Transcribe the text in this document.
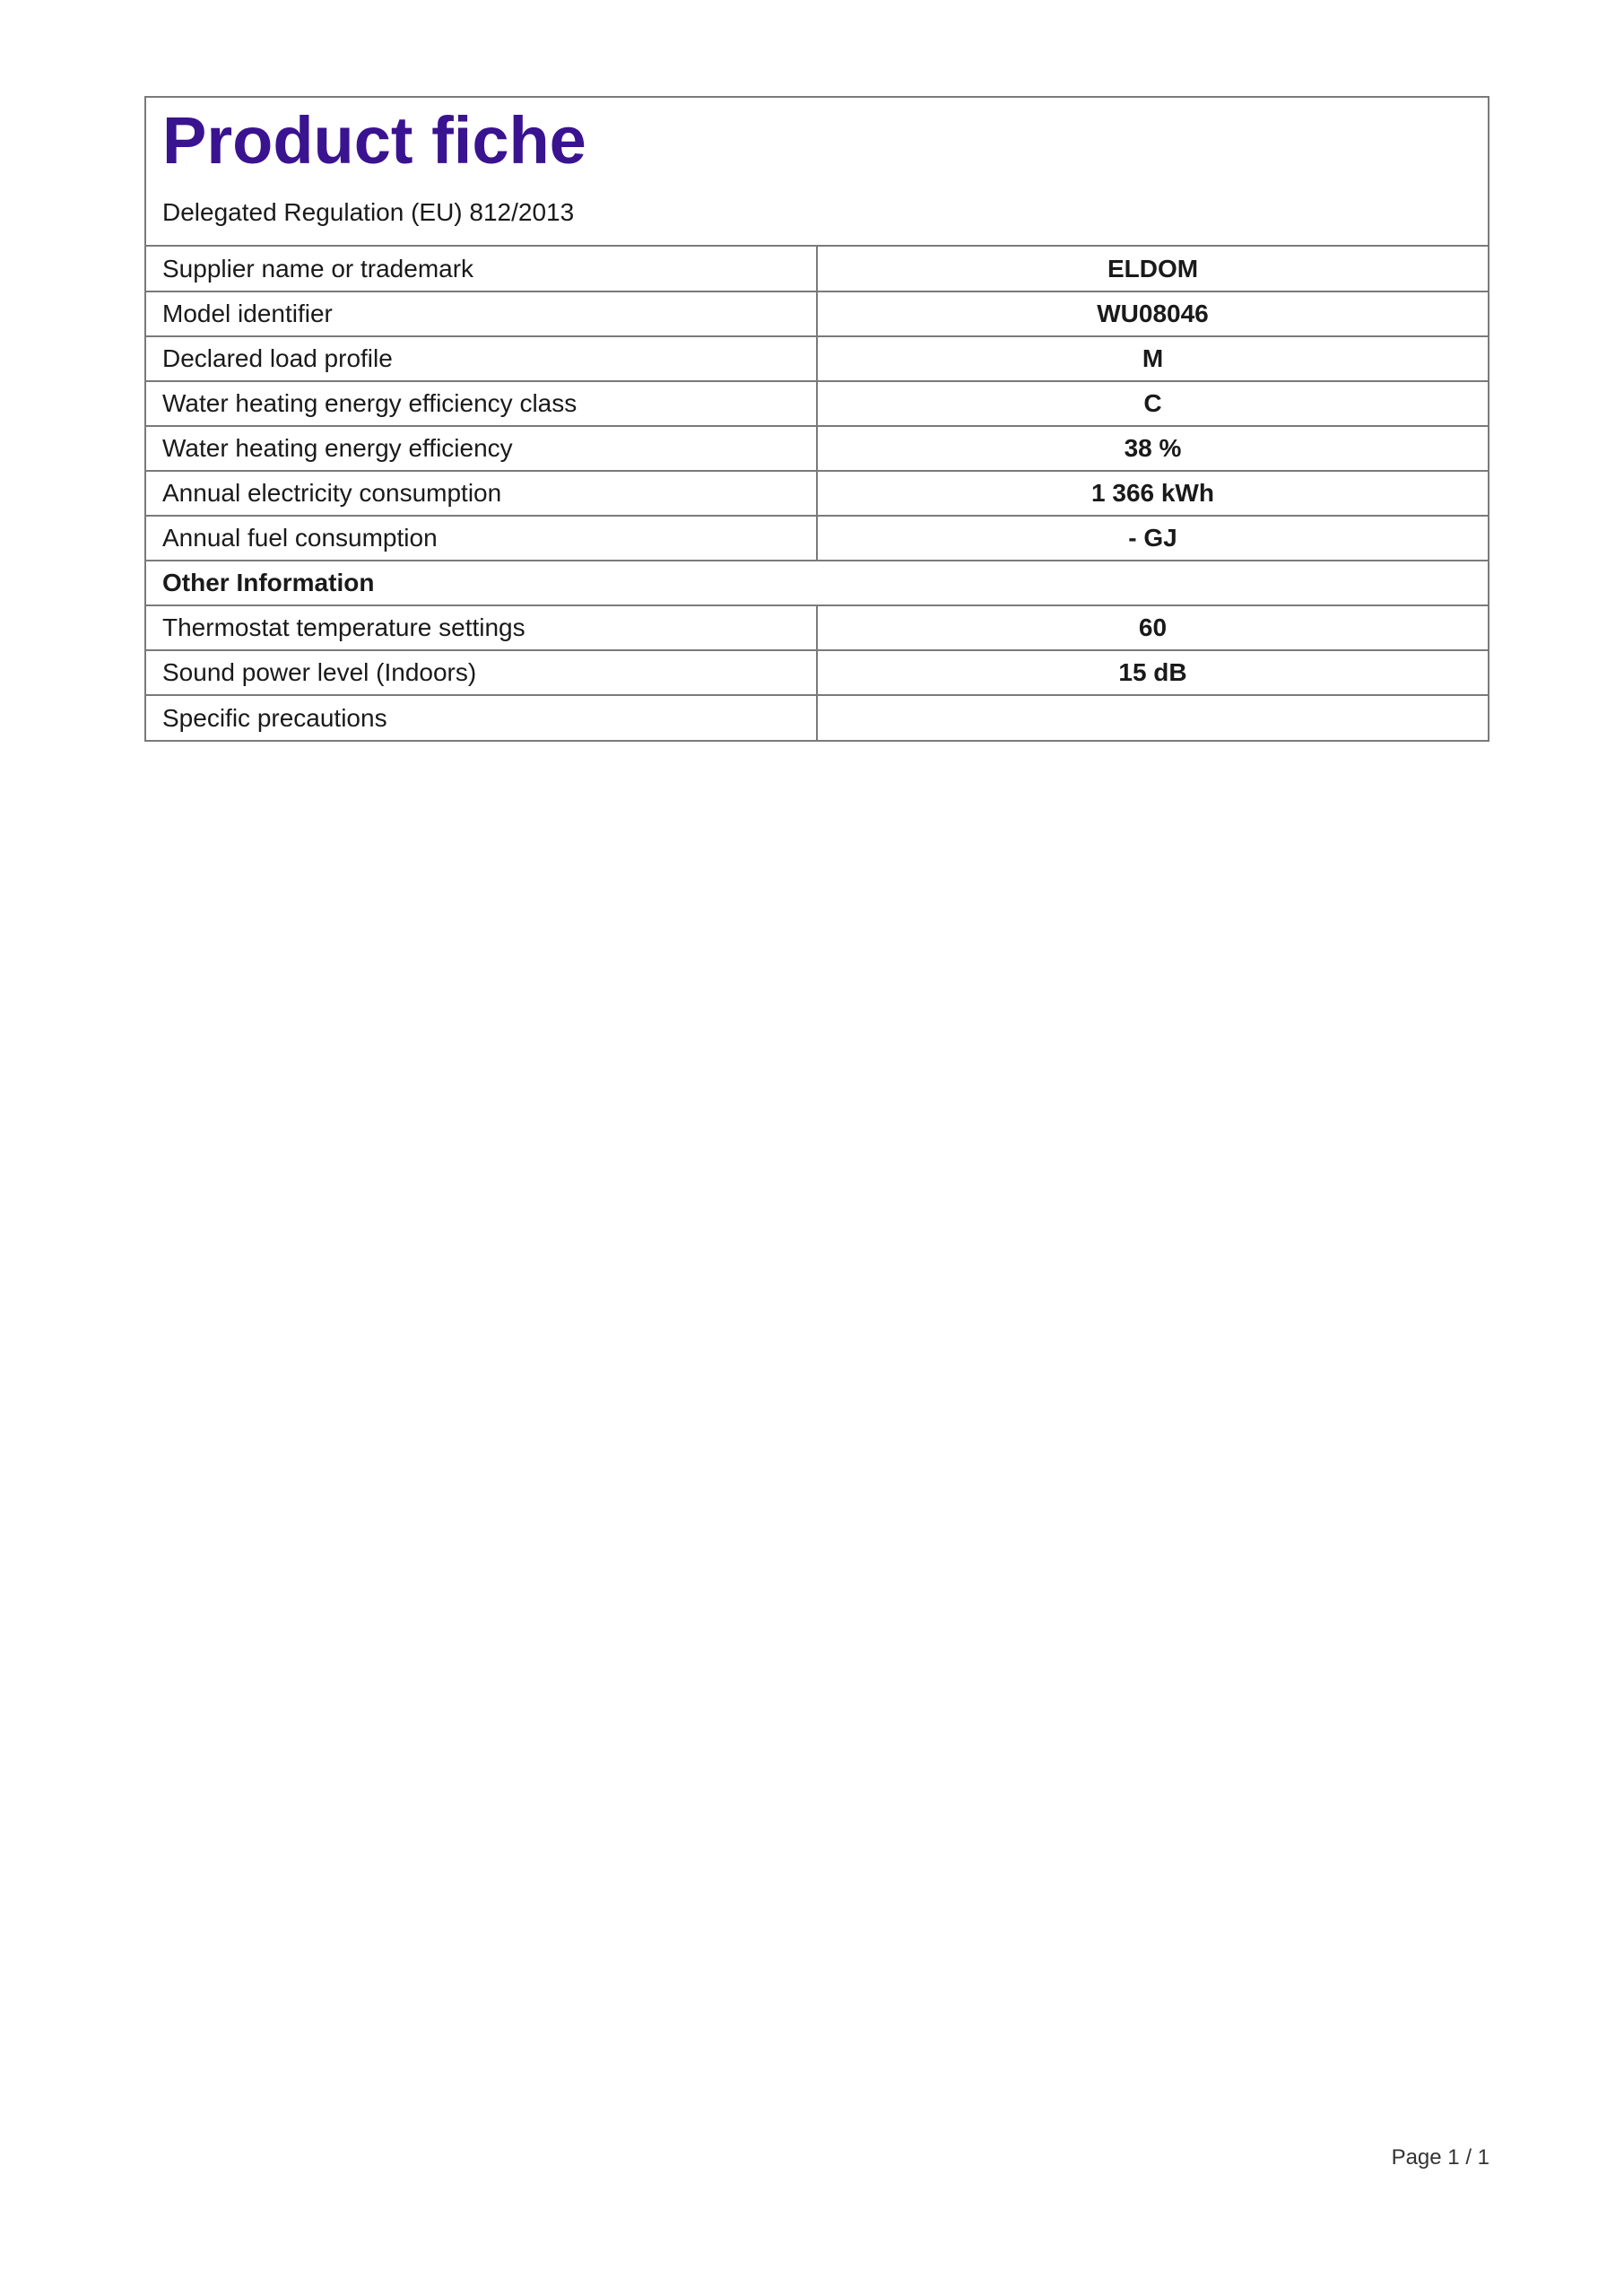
Product fiche

Delegated Regulation (EU) 812/2013

Supplier name or trademark	ELDOM
Model identifier	WU08046
Declared load profile	M
Water heating energy efficiency class	C
Water heating energy efficiency	38 %
Annual electricity consumption	1 366 kWh
Annual fuel consumption	- GJ
Other Information	
Thermostat temperature settings	60
Sound power level (Indoors)	15 dB
Specific precautions	
Page 1 / 1
